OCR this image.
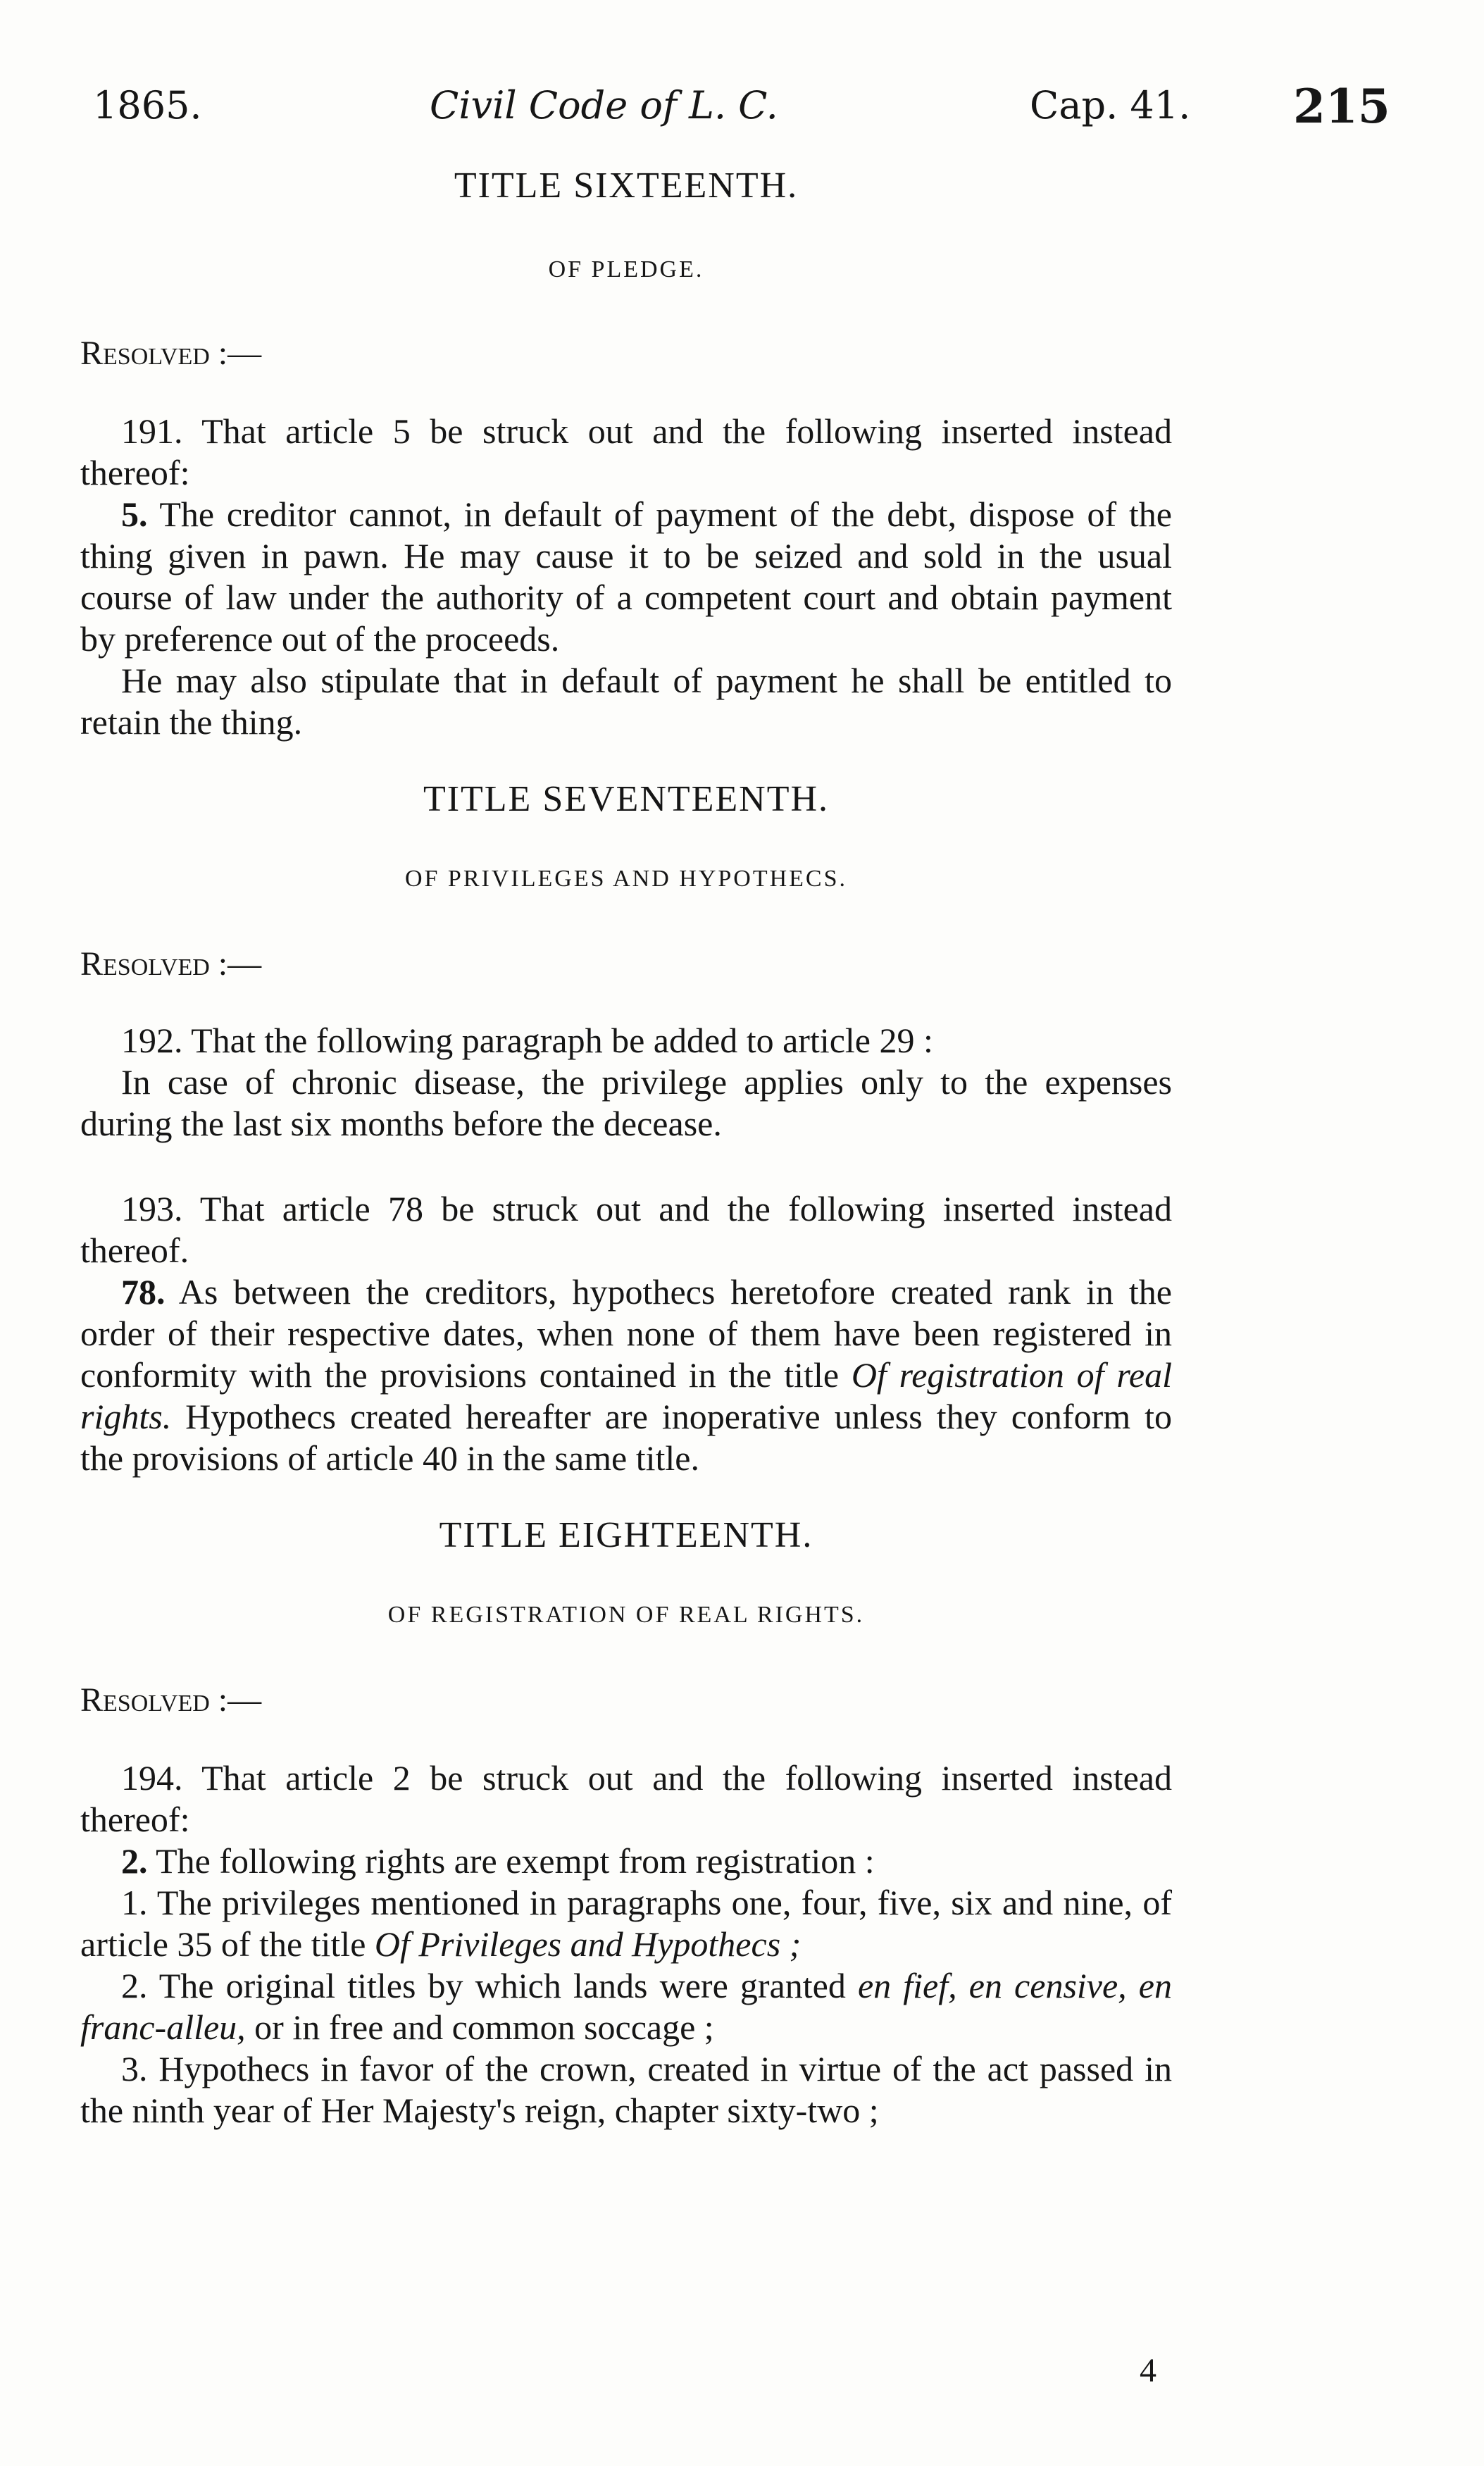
1865.	Civil Code of L. C.	Cap. 41. 215

TITLE SIXTEENTH.

OF PLEDGE.

Resolved :—

191. That article 5 be struck out and the following inserted instead thereof:

5. The creditor cannot, in default of payment of the debt, dispose of the thing given in pawn. He may cause it to be seized and sold in the usual course of law under the authority of a competent court and obtain payment by preference out of the proceeds.

He may also stipulate that in default of payment he shall be entitled to retain the thing.

TITLE SEVENTEENTH.

OF PRIVILEGES AND HYPOTHECS.

Resolved :—

192. That the following paragraph be added to article 29 :

In case of chronic disease, the privilege applies only to the expenses during the last six months before the decease.

193. That article 78 be struck out and the following inserted instead thereof.

78. As between the creditors, hypothecs heretofore created rank in the order of their respective dates, when none of them have been registered in conformity with the provisions contained in the title Of registration of real rights. Hypothecs created hereafter are inoperative unless they conform to the provisions of article 40 in the same title.

TITLE EIGHTEENTH.

OF REGISTRATION OF REAL RIGHTS.

Resolved :—

194. That article 2 be struck out and the following inserted instead thereof:

2. The following rights are exempt from registration :

1. The privileges mentioned in paragraphs one, four, five, six and nine, of article 35 of the title Of Privileges and Hypothecs ;

2. The original titles by which lands were granted en fief, en censive, en franc-alleu, or in free and common soccage ;

3. Hypothecs in favor of the crown, created in virtue of the act passed in the ninth year of Her Majesty's reign, chapter sixty-two ;

4
